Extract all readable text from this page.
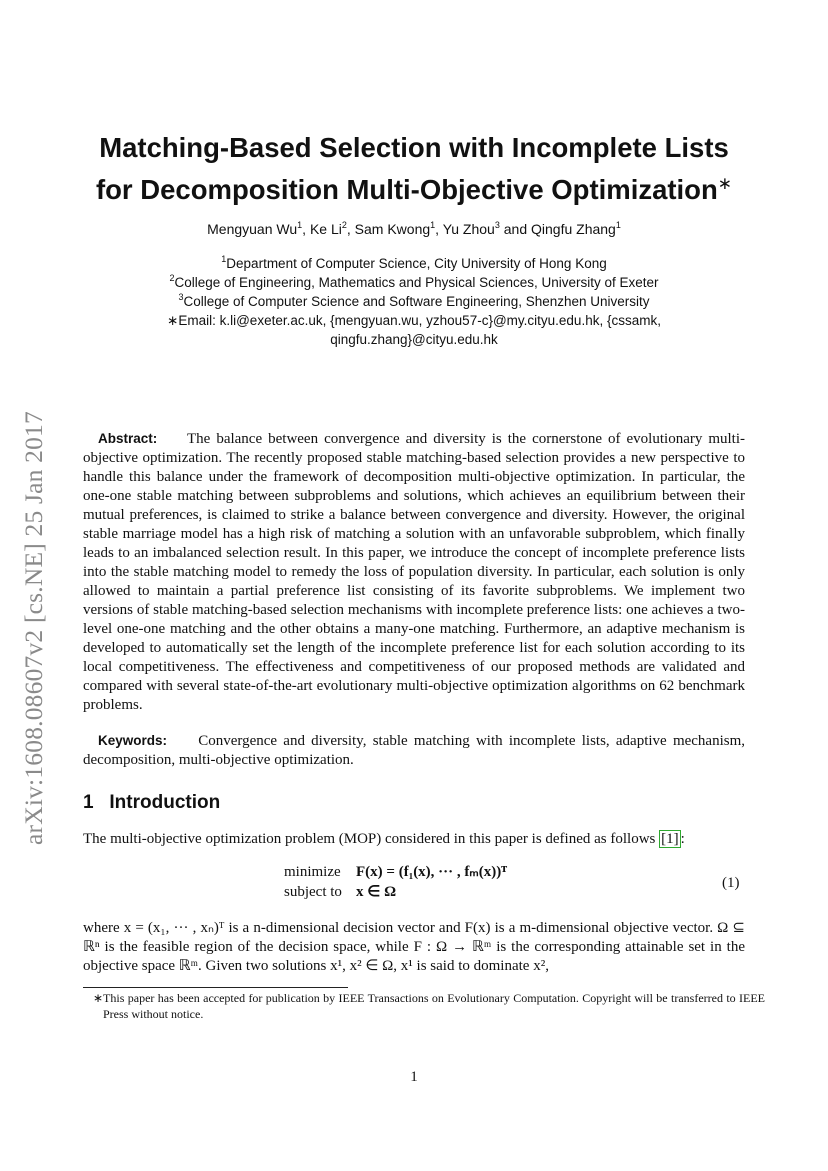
arXiv:1608.08607v2 [cs.NE] 25 Jan 2017
Matching-Based Selection with Incomplete Lists
for Decomposition Multi-Objective Optimization∗
Mengyuan Wu$^1$, Ke Li$^2$, Sam Kwong$^1$, Yu Zhou$^3$ and Qingfu Zhang$^1$
$^1$Department of Computer Science, City University of Hong Kong
$^2$College of Engineering, Mathematics and Physical Sciences, University of Exeter
$^3$College of Computer Science and Software Engineering, Shenzhen University
∗Email: k.li@exeter.ac.uk, {mengyuan.wu, yzhou57-c}@my.cityu.edu.hk, {cssamk,
qingfu.zhang}@cityu.edu.hk

Abstract: The balance between convergence and diversity is the cornerstone of evolutionary multi-objective optimization. The recently proposed stable matching-based selection provides a new perspective to handle this balance under the framework of decomposition multi-objective optimization. In particular, the one-one stable matching between subproblems and solutions, which achieves an equilibrium between their mutual preferences, is claimed to strike a balance between convergence and diversity. However, the original stable marriage model has a high risk of matching a solution with an unfavorable subproblem, which finally leads to an imbalanced selection result. In this paper, we introduce the concept of incomplete preference lists into the stable matching model to remedy the loss of population diversity. In particular, each solution is only allowed to maintain a partial preference list consisting of its favorite subproblems. We implement two versions of stable matching-based selection mechanisms with incomplete preference lists: one achieves a two-level one-one matching and the other obtains a many-one matching. Furthermore, an adaptive mechanism is developed to automatically set the length of the incomplete preference list for each solution according to its local competitiveness. The effectiveness and competitiveness of our proposed methods are validated and compared with several state-of-the-art evolutionary multi-objective optimization algorithms on 62 benchmark problems.

Keywords: Convergence and diversity, stable matching with incomplete lists, adaptive mechanism, decomposition, multi-objective optimization.

1   Introduction

The multi-objective optimization problem (MOP) considered in this paper is defined as follows [1] :

minimize F(x) = (f₁(x), ··· , fₘ(x))ᵀ
subject to x ∈ Ω
(1)

where x = (x₁, ··· , xₙ)ᵀ is a n-dimensional decision vector and F(x) is a m-dimensional objective vector. Ω ⊆ ℝⁿ is the feasible region of the decision space, while F : Ω → ℝᵐ is the corresponding attainable set in the objective space ℝᵐ. Given two solutions x¹, x² ∈ Ω, x¹ is said to dominate x²,

∗This paper has been accepted for publication by IEEE Transactions on Evolutionary Computation. Copyright will be transferred to IEEE Press without notice.

1
